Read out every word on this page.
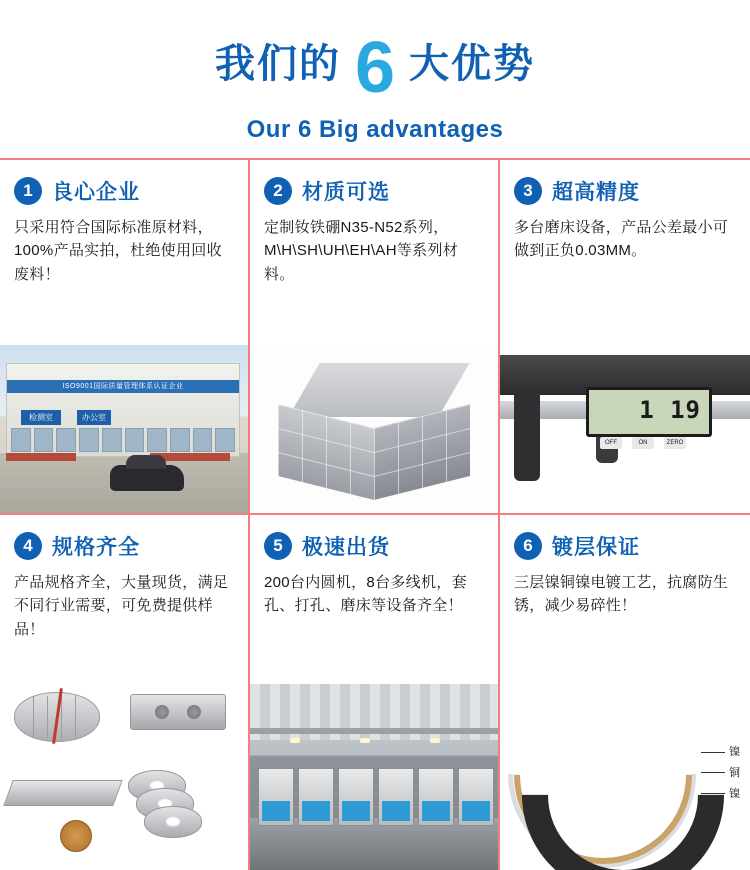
我们的 6 大优势
Our 6 Big advantages
1 良心企业
只采用符合国际标准原材料，100%产品实拍，杜绝使用回收废料！
ISO9001国际质量管理体系认证企业
检测室	办公室
2 材质可选
定制钕铁硼N35-N52系列，M\H\SH\UH\EH\AH等系列材料。
3 超高精度
多台磨床设备，产品公差最小可做到正负0.03MM。
1 19
OFF	ON	ZERO
4 规格齐全
产品规格齐全，大量现货，满足不同行业需要，可免费提供样品！
5 极速出货
200台内圆机，8台多线机，套孔、打孔、磨床等设备齐全！
6 镀层保证
三层镍铜镍电镀工艺，抗腐防生锈，减少易碎性！
镍
铜
镍
